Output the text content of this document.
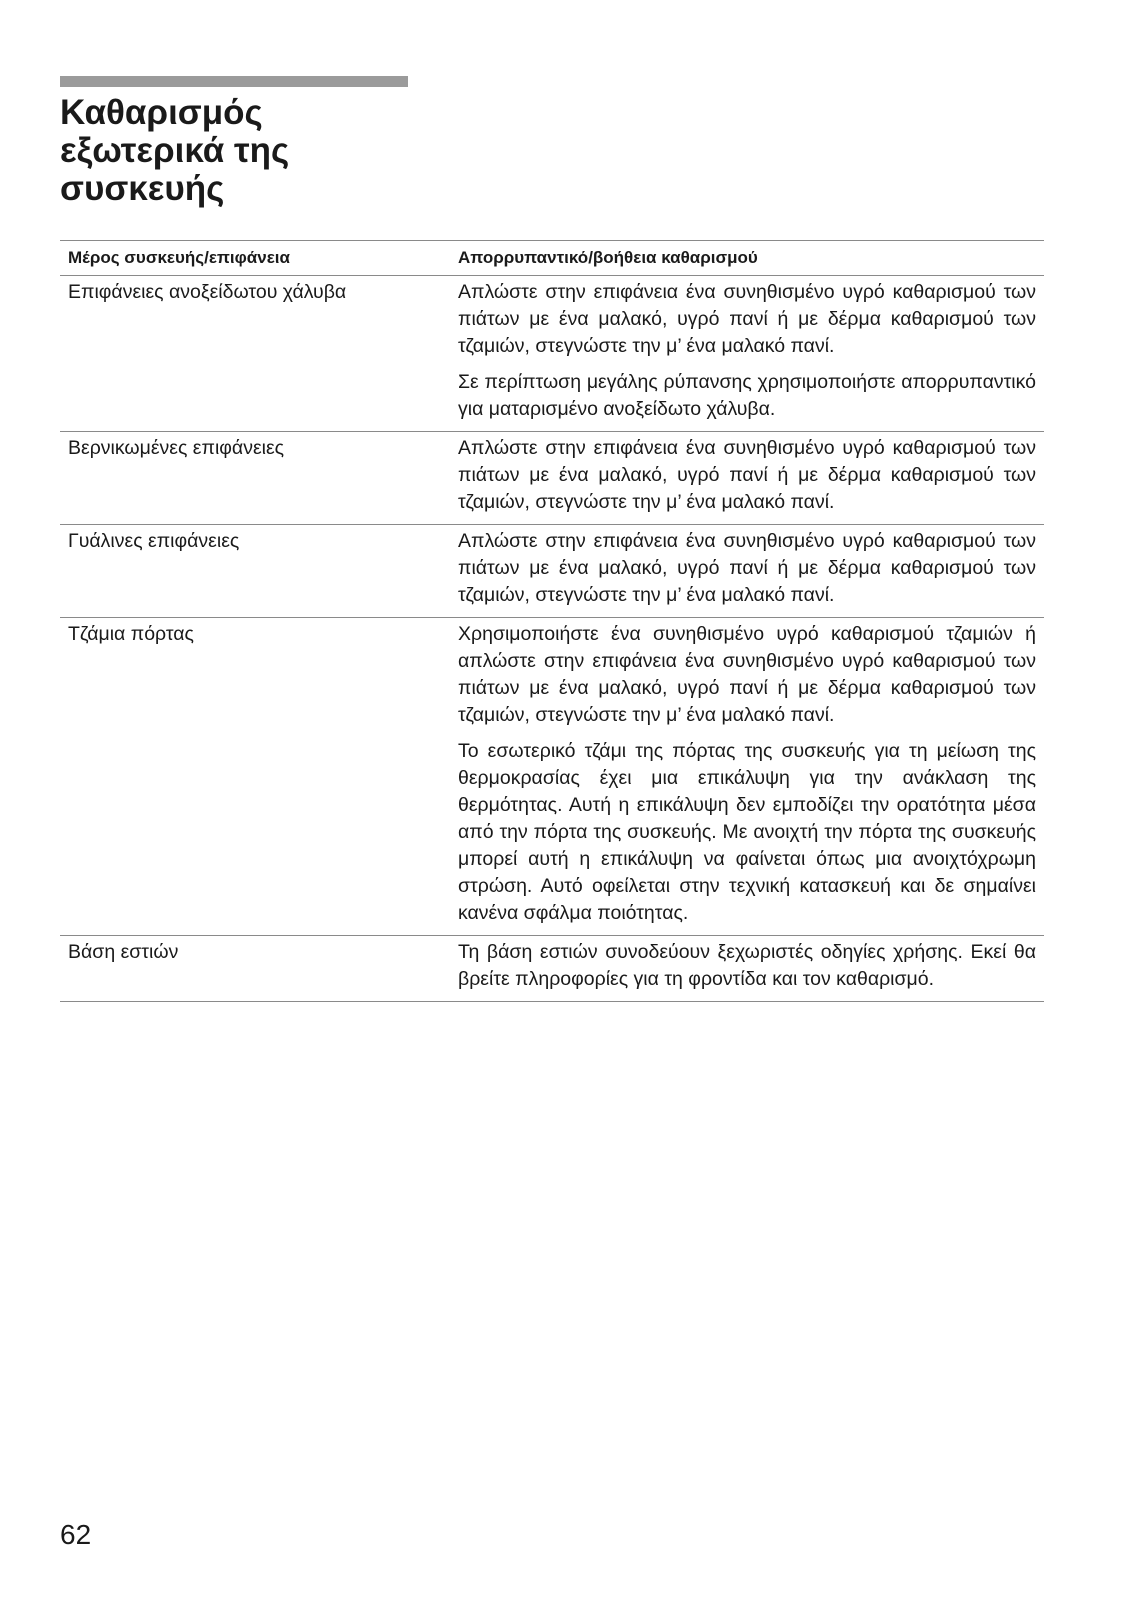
Καθαρισμός
εξωτερικά της
συσκευής
Μέρος συσκευής/επιφάνεια	Απορρυπαντικό/βοήθεια καθαρισμού
Επιφάνειες ανοξείδωτου χάλυβα	Απλώστε στην επιφάνεια ένα συνηθισμένο υγρό καθαρισμού των πιάτων με ένα μαλακό, υγρό πανί ή με δέρμα καθαρισμού των τζαμιών, στεγνώστε την μ’ ένα μαλακό πανί.

Σε περίπτωση μεγάλης ρύπανσης χρησιμοποιήστε απορρυπαντικό για ματαρισμένο ανοξείδωτο χάλυβα.

Βερνικωμένες επιφάνειες	Απλώστε στην επιφάνεια ένα συνηθισμένο υγρό καθαρισμού των πιάτων με ένα μαλακό, υγρό πανί ή με δέρμα καθαρισμού των τζαμιών, στεγνώστε την μ’ ένα μαλακό πανί.

Γυάλινες επιφάνειες	Απλώστε στην επιφάνεια ένα συνηθισμένο υγρό καθαρισμού των πιάτων με ένα μαλακό, υγρό πανί ή με δέρμα καθαρισμού των τζαμιών, στεγνώστε την μ’ ένα μαλακό πανί.

Τζάμια πόρτας	Χρησιμοποιήστε ένα συνηθισμένο υγρό καθαρισμού τζαμιών ή απλώστε στην επιφάνεια ένα συνηθισμένο υγρό καθαρισμού των πιάτων με ένα μαλακό, υγρό πανί ή με δέρμα καθαρισμού των τζαμιών, στεγνώστε την μ’ ένα μαλακό πανί.

Το εσωτερικό τζάμι της πόρτας της συσκευής για τη μείωση της θερμοκρασίας έχει μια επικάλυψη για την ανάκλαση της θερμότητας. Αυτή η επικάλυψη δεν εμποδίζει την ορατότητα μέσα από την πόρτα της συσκευής. Με ανοιχτή την πόρτα της συσκευής μπορεί αυτή η επικάλυψη να φαίνεται όπως μια ανοιχτόχρωμη στρώση. Αυτό οφείλεται στην τεχνική κατασκευή και δε σημαίνει κανένα σφάλμα ποιότητας.

Βάση εστιών	Τη βάση εστιών συνοδεύουν ξεχωριστές οδηγίες χρήσης. Εκεί θα βρείτε πληροφορίες για τη φροντίδα και τον καθαρισμό.

62
